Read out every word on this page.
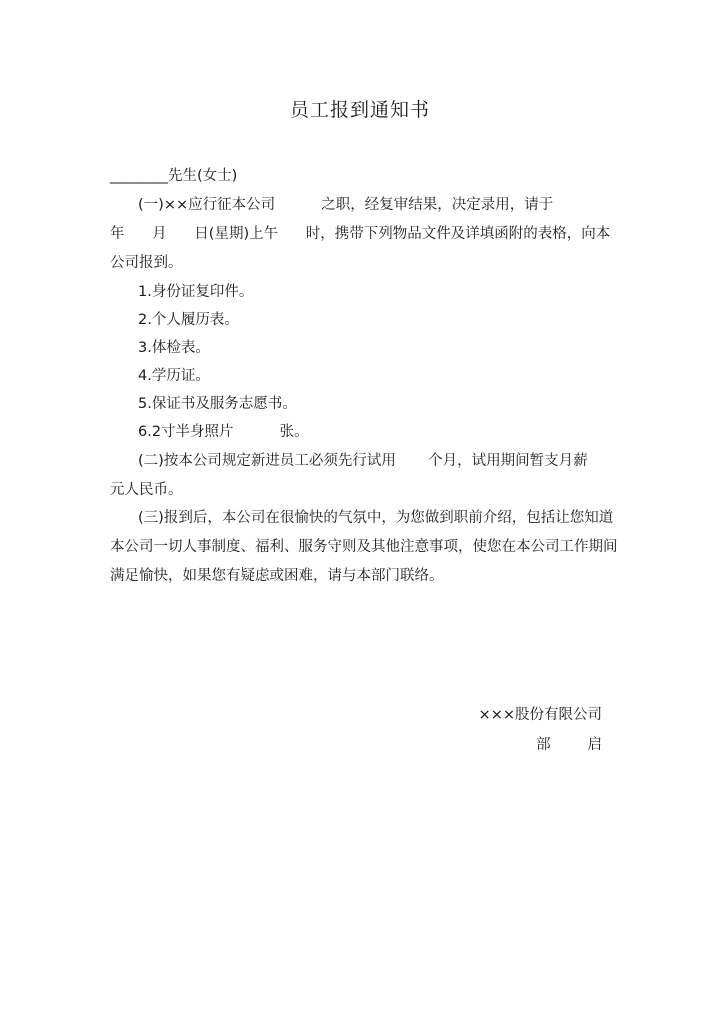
员工报到通知书
________先生(女士)
(一)××应行征本公司          之职，经复审结果，决定录用，请于
年      月      日(星期)上午      时，携带下列物品文件及详填函附的表格，向本
公司报到。
1.身份证复印件。
2.个人履历表。
3.体检表。
4.学历证。
5.保证书及服务志愿书。
6.2寸半身照片          张。
(二)按本公司规定新进员工必须先行试用       个月，试用期间暂支月薪
元人民币。
(三)报到后，本公司在很愉快的气氛中，为您做到职前介绍，包括让您知道
本公司一切人事制度、福利、服务守则及其他注意事项，使您在本公司工作期间
满足愉快，如果您有疑虑或困难，请与本部门联络。
×××股份有限公司
部        启
